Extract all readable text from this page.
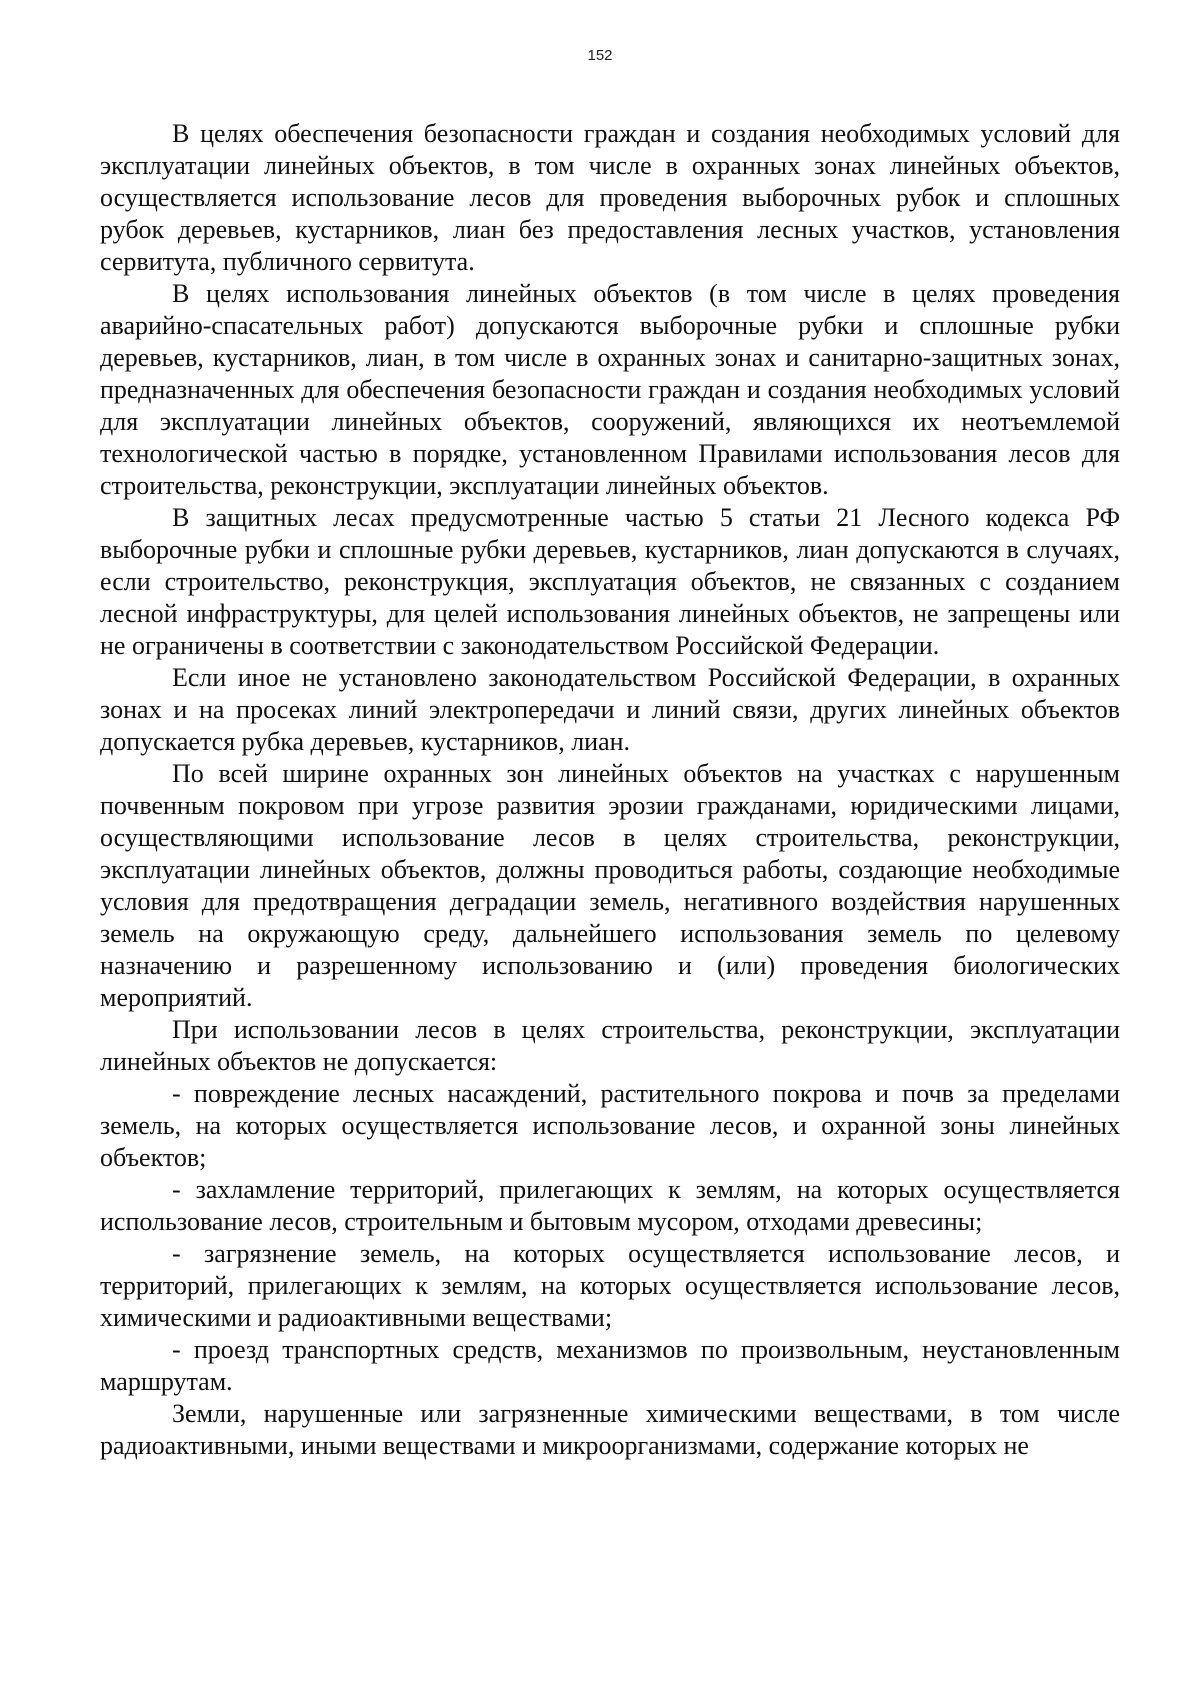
152

В целях обеспечения безопасности граждан и создания необходимых условий для эксплуатации линейных объектов, в том числе в охранных зонах линейных объектов, осуществляется использование лесов для проведения выборочных рубок и сплошных рубок деревьев, кустарников, лиан без предоставления лесных участков, установления сервитута, публичного сервитута.

В целях использования линейных объектов (в том числе в целях проведения аварийно-спасательных работ) допускаются выборочные рубки и сплошные рубки деревьев, кустарников, лиан, в том числе в охранных зонах и санитарно-защитных зонах, предназначенных для обеспечения безопасности граждан и создания необходимых условий для эксплуатации линейных объектов, сооружений, являющихся их неотъемлемой технологической частью в порядке, установленном Правилами использования лесов для строительства, реконструкции, эксплуатации линейных объектов.

В защитных лесах предусмотренные частью 5 статьи 21 Лесного кодекса РФ выборочные рубки и сплошные рубки деревьев, кустарников, лиан допускаются в случаях, если строительство, реконструкция, эксплуатация объектов, не связанных с созданием лесной инфраструктуры, для целей использования линейных объектов, не запрещены или не ограничены в соответствии с законодательством Российской Федерации.

Если иное не установлено законодательством Российской Федерации, в охранных зонах и на просеках линий электропередачи и линий связи, других линейных объектов допускается рубка деревьев, кустарников, лиан.

По всей ширине охранных зон линейных объектов на участках с нарушенным почвенным покровом при угрозе развития эрозии гражданами, юридическими лицами, осуществляющими использование лесов в целях строительства, реконструкции, эксплуатации линейных объектов, должны проводиться работы, создающие необходимые условия для предотвращения деградации земель, негативного воздействия нарушенных земель на окружающую среду, дальнейшего использования земель по целевому назначению и разрешенному использованию и (или) проведения биологических мероприятий.

При использовании лесов в целях строительства, реконструкции, эксплуатации линейных объектов не допускается:

- повреждение лесных насаждений, растительного покрова и почв за пределами земель, на которых осуществляется использование лесов, и охранной зоны линейных объектов;

- захламление территорий, прилегающих к землям, на которых осуществляется использование лесов, строительным и бытовым мусором, отходами древесины;

- загрязнение земель, на которых осуществляется использование лесов, и территорий, прилегающих к землям, на которых осуществляется использование лесов, химическими и радиоактивными веществами;

- проезд транспортных средств, механизмов по произвольным, неустановленным маршрутам.

Земли, нарушенные или загрязненные химическими веществами, в том числе радиоактивными, иными веществами и микроорганизмами, содержание которых не
